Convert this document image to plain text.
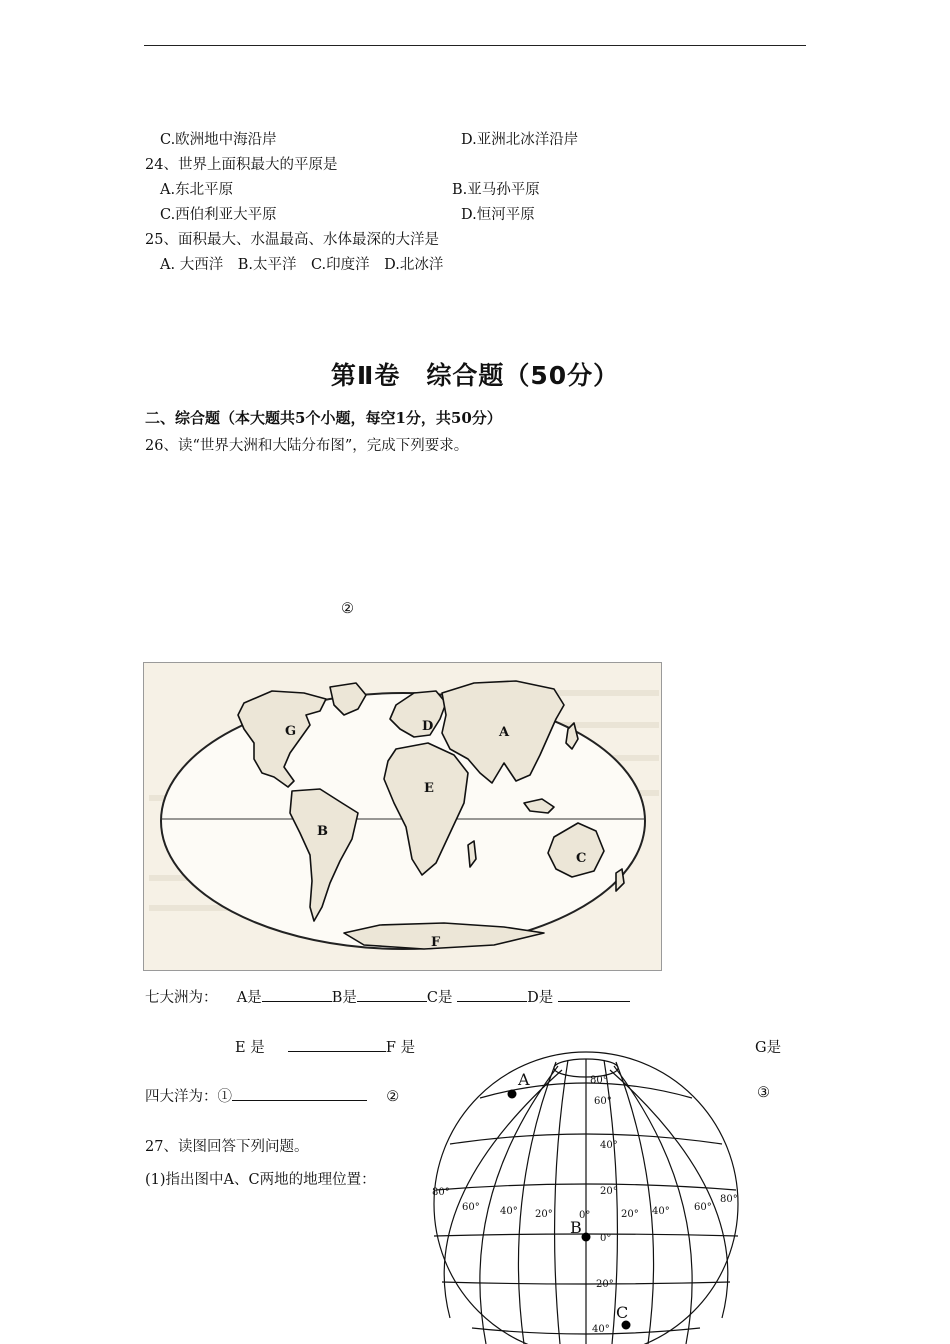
C.欧洲地中海沿岸	D.亚洲北冰洋沿岸
24、世界上面积最大的平原是
A.东北平原	B.亚马孙平原
C.西伯利亚大平原	D.恒河平原
25、面积最大、水温最高、水体最深的大洋是
A. 大西洋　B.太平洋　C.印度洋　D.北冰洋
第Ⅱ卷　综合题（50分）
二、综合题（本大题共5个小题，每空1分，共50分）
26、读“世界大洲和大陆分布图”，完成下列要求。
②
G	D	A
E
B
C
F
七大洲为： A是	B是	C是	D是
E 是	F 是	G是
四大洋为：①	②	③
27、读图回答下列问题。
(1)指出图中A、C两地的地理位置：
A
B
C
80°
60°
40°
20°
0°
20°
40°
80°
60° 40° 20°	0°	20° 40° 60°
80°
